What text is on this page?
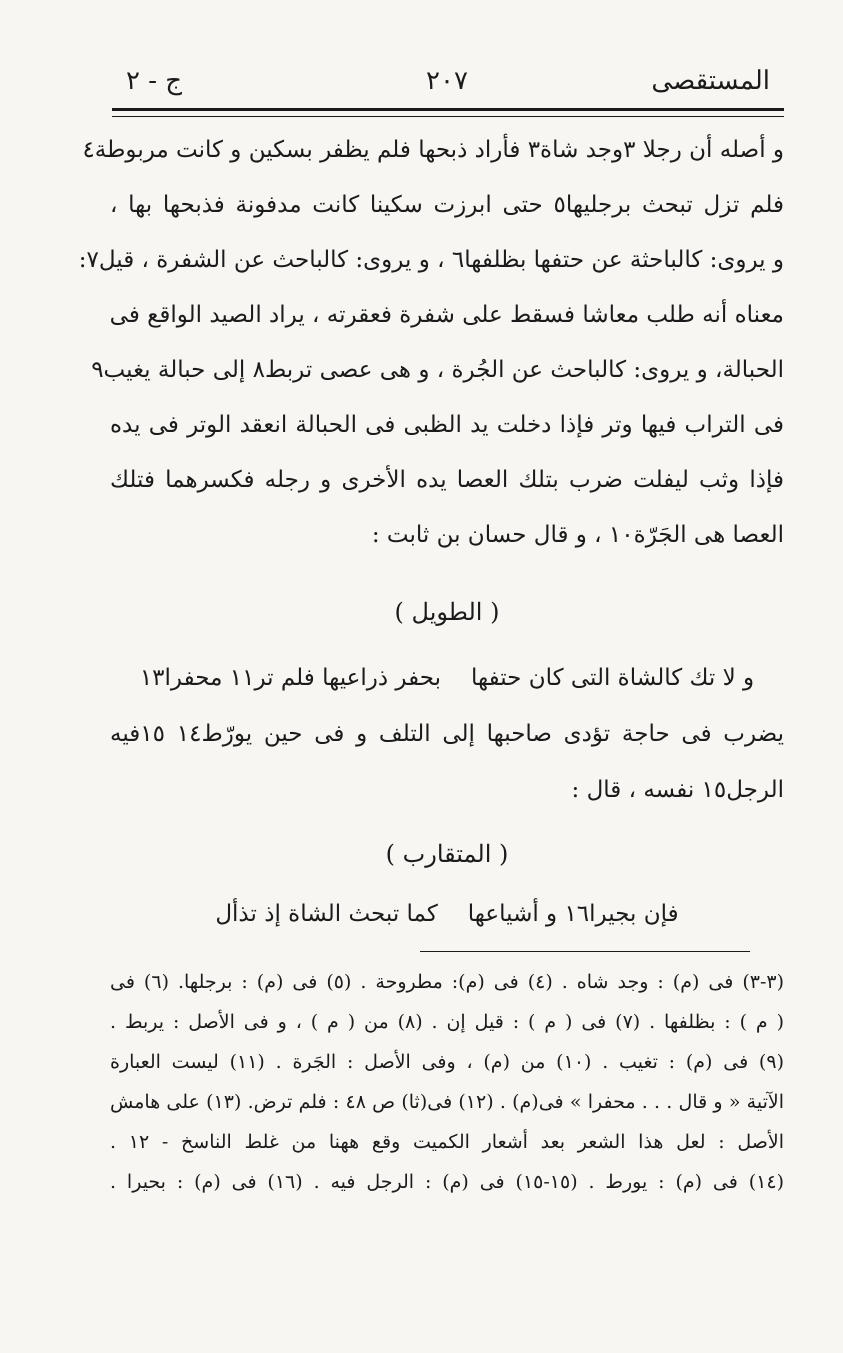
المستقصى
٢٠٧
ج - ٢
و أصله أن رجلا ٣وجد شاة٣ فأراد ذبحها فلم يظفر بسكين و كانت مربوطة٤
فلم تزل تبحث برجليها٥ حتى ابرزت سكينا كانت مدفونة فذبحها بها ،
و يروى: كالباحثة عن حتفها بظلفها٦ ، و يروى: كالباحث عن الشفرة ، قيل٧:
معناه أنه طلب معاشا فسقط على شفرة فعقرته ، يراد الصيد الواقع فى
الحبالة، و يروى: كالباحث عن الجُرة ، و هى عصى تربط٨ إلى حبالة يغيب٩
فى التراب فيها وتر فإذا دخلت يد الظبى فى الحبالة انعقد الوتر فى يده
فإذا وثب ليفلت ضرب بتلك العصا يده الأخرى و رجله فكسرهما فتلك
العصا هى الجَرّة١٠ ، و قال حسان بن ثابت :
( الطويل )
و لا تك كالشاة التى كان حتفهابحفر ذراعيها فلم تر١١ محفرا١٣
يضرب فى حاجة تؤدى صاحبها إلى التلف و فى حين يورّط١٤ ١٥فيه
الرجل١٥ نفسه ، قال :
( المتقارب )
فإن بجيرا١٦ و أشياعهاكما تبحث الشاة إذ تذأل
(٣-٣) فى (م) : وجد شاه . (٤) فى (م): مطروحة . (٥) فى (م) : برجلها. (٦) فى
( م ) : بظلفها . (٧) فى ( م ) : قيل إن . (٨) من ( م ) ، و فى الأصل : يربط .
(٩) فى (م) : تغيب . (١٠) من (م) ، وفى الأصل : الجَرة . (١١) ليست العبارة
الآتية « و قال . . . محفرا » فى(م) . (١٢) فى(ثا) ص ٤٨ : فلم ترض. (١٣) على هامش
الأصل : لعل هذا الشعر بعد أشعار الكميت وقع ههنا من غلط الناسخ - ١٢ .
(١٤) فى (م) : يورط . (١٥-١٥) فى (م) : الرجل فيه . (١٦) فى (م) : بحيرا .
